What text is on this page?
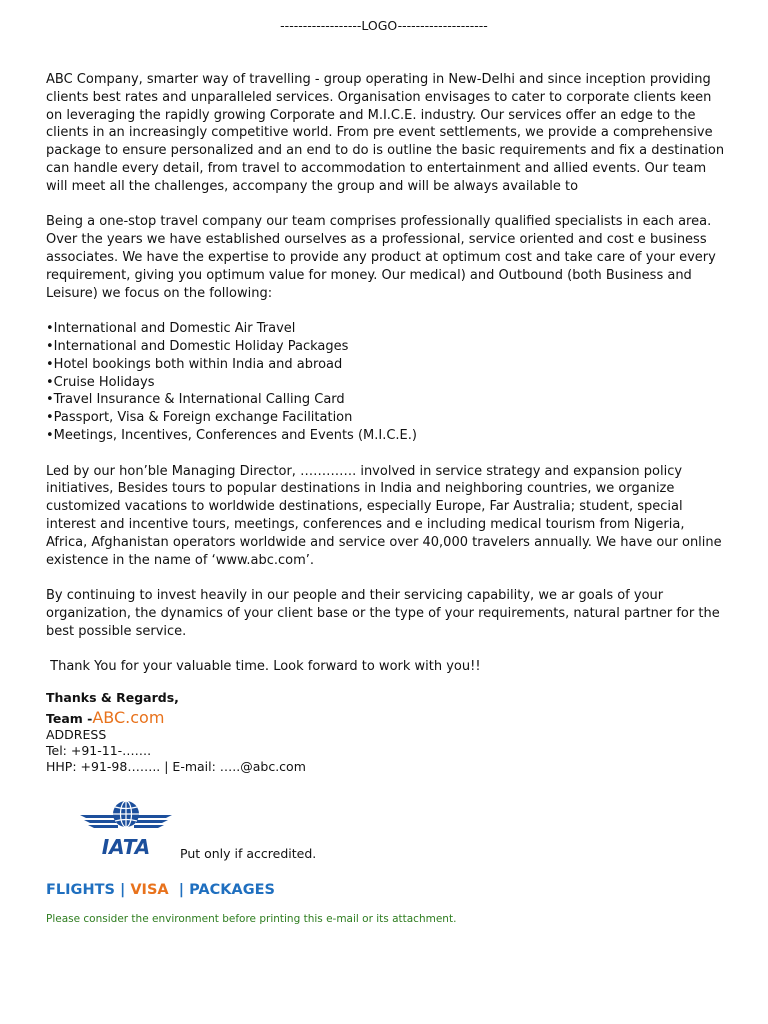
------------------LOGO--------------------

ABC Company, smarter way of travelling - group operating in New-Delhi and since inception providing clients best rates and unparalleled services. Organisation envisages to cater to corporate clients keen on leveraging the rapidly growing Corporate and M.I.C.E. industry. Our services offer an edge to the clients in an increasingly competitive world. From pre event settlements, we provide a comprehensive package to ensure personalized and an end to do is outline the basic requirements and fix a destination can handle every detail, from travel to accommodation to entertainment and allied events. Our team will meet all the challenges, accompany the group and will be always available to

Being a one-stop travel company our team comprises professionally qualified specialists in each area. Over the years we have established ourselves as a professional, service oriented and cost e business associates. We have the expertise to provide any product at optimum cost and take care of your every requirement, giving you optimum value for money. Our medical) and Outbound (both Business and Leisure) we focus on the following:

• International and Domestic Air Travel
• International and Domestic Holiday Packages
• Hotel bookings both within India and abroad
• Cruise Holidays
• Travel Insurance & International Calling Card
• Passport, Visa & Foreign exchange Facilitation
• Meetings, Incentives, Conferences and Events (M.I.C.E.)

Led by our hon’ble Managing Director, …………. involved in service strategy and expansion policy initiatives, Besides tours to popular destinations in India and neighboring countries, we organize customized vacations to worldwide destinations, especially Europe, Far Australia; student, special interest and incentive tours, meetings, conferences and e including medical tourism from Nigeria, Africa, Afghanistan operators worldwide and service over 40,000 travelers annually. We have our online existence in the name of ‘www.abc.com’.

By continuing to invest heavily in our people and their servicing capability, we ar goals of your organization, the dynamics of your client base or the type of your requirements, natural partner for the best possible service.

Thank You for your valuable time. Look forward to work with you!!

Thanks & Regards,
Team -ABC.com
ADDRESS
Tel: +91-11-…….
HHP: +91-98…….. | E-mail: …..@abc.com
IATA Put only if accredited.
FLIGHTS | VISA  | PACKAGES
Please consider the environment before printing this e-mail or its attachment.
